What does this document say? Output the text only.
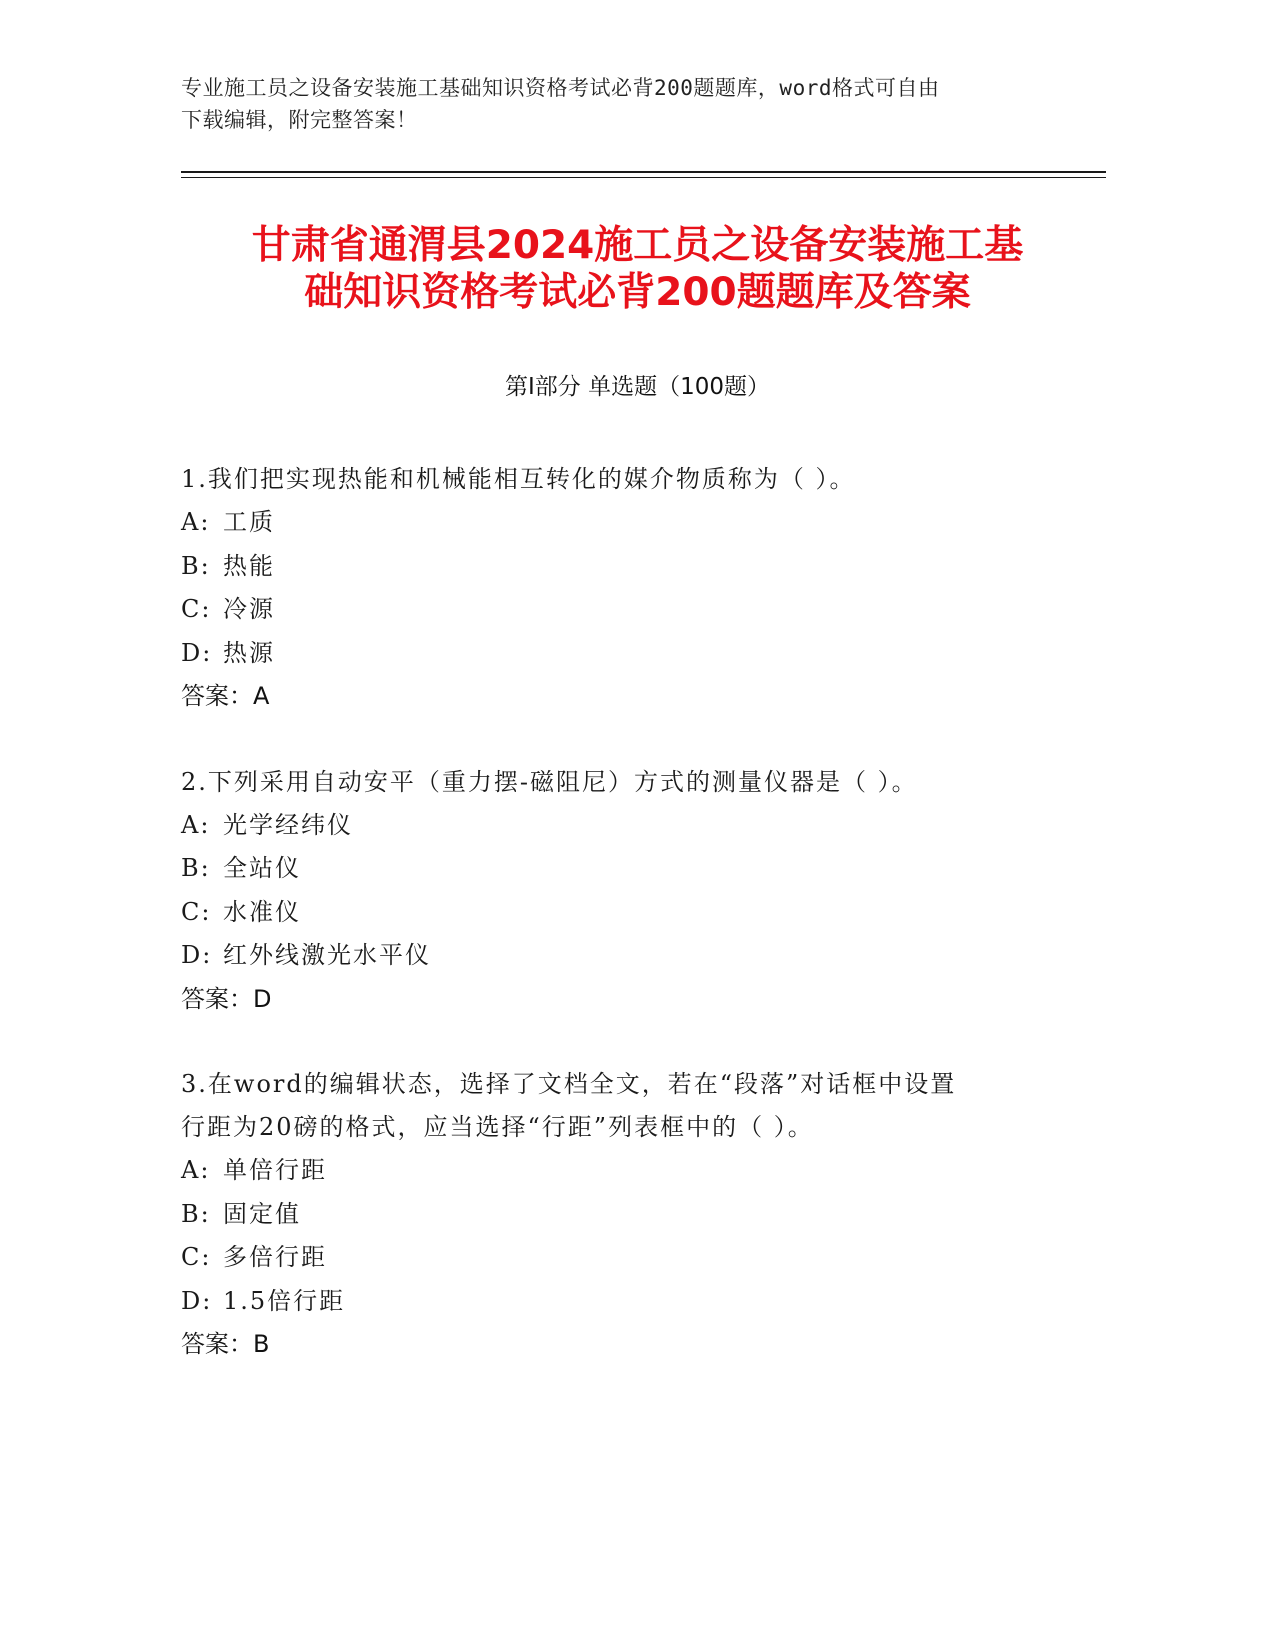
专业施工员之设备安装施工基础知识资格考试必背200题题库，word格式可自由
下载编辑，附完整答案！
甘肃省通渭县2024施工员之设备安装施工基
础知识资格考试必背200题题库及答案
第Ⅰ部分 单选题（100题）

1.我们把实现热能和机械能相互转化的媒介物质称为（ ）。

A: 工质

B: 热能

C: 冷源

D: 热源

答案：A

2.下列采用自动安平（重力摆-磁阻尼）方式的测量仪器是（ ）。

A: 光学经纬仪

B: 全站仪

C: 水准仪

D: 红外线激光水平仪

答案：D

3.在word的编辑状态，选择了文档全文，若在“段落”对话框中设置

行距为20磅的格式，应当选择“行距”列表框中的（ ）。

A: 单倍行距

B: 固定值

C: 多倍行距

D: 1.5倍行距

答案：B
